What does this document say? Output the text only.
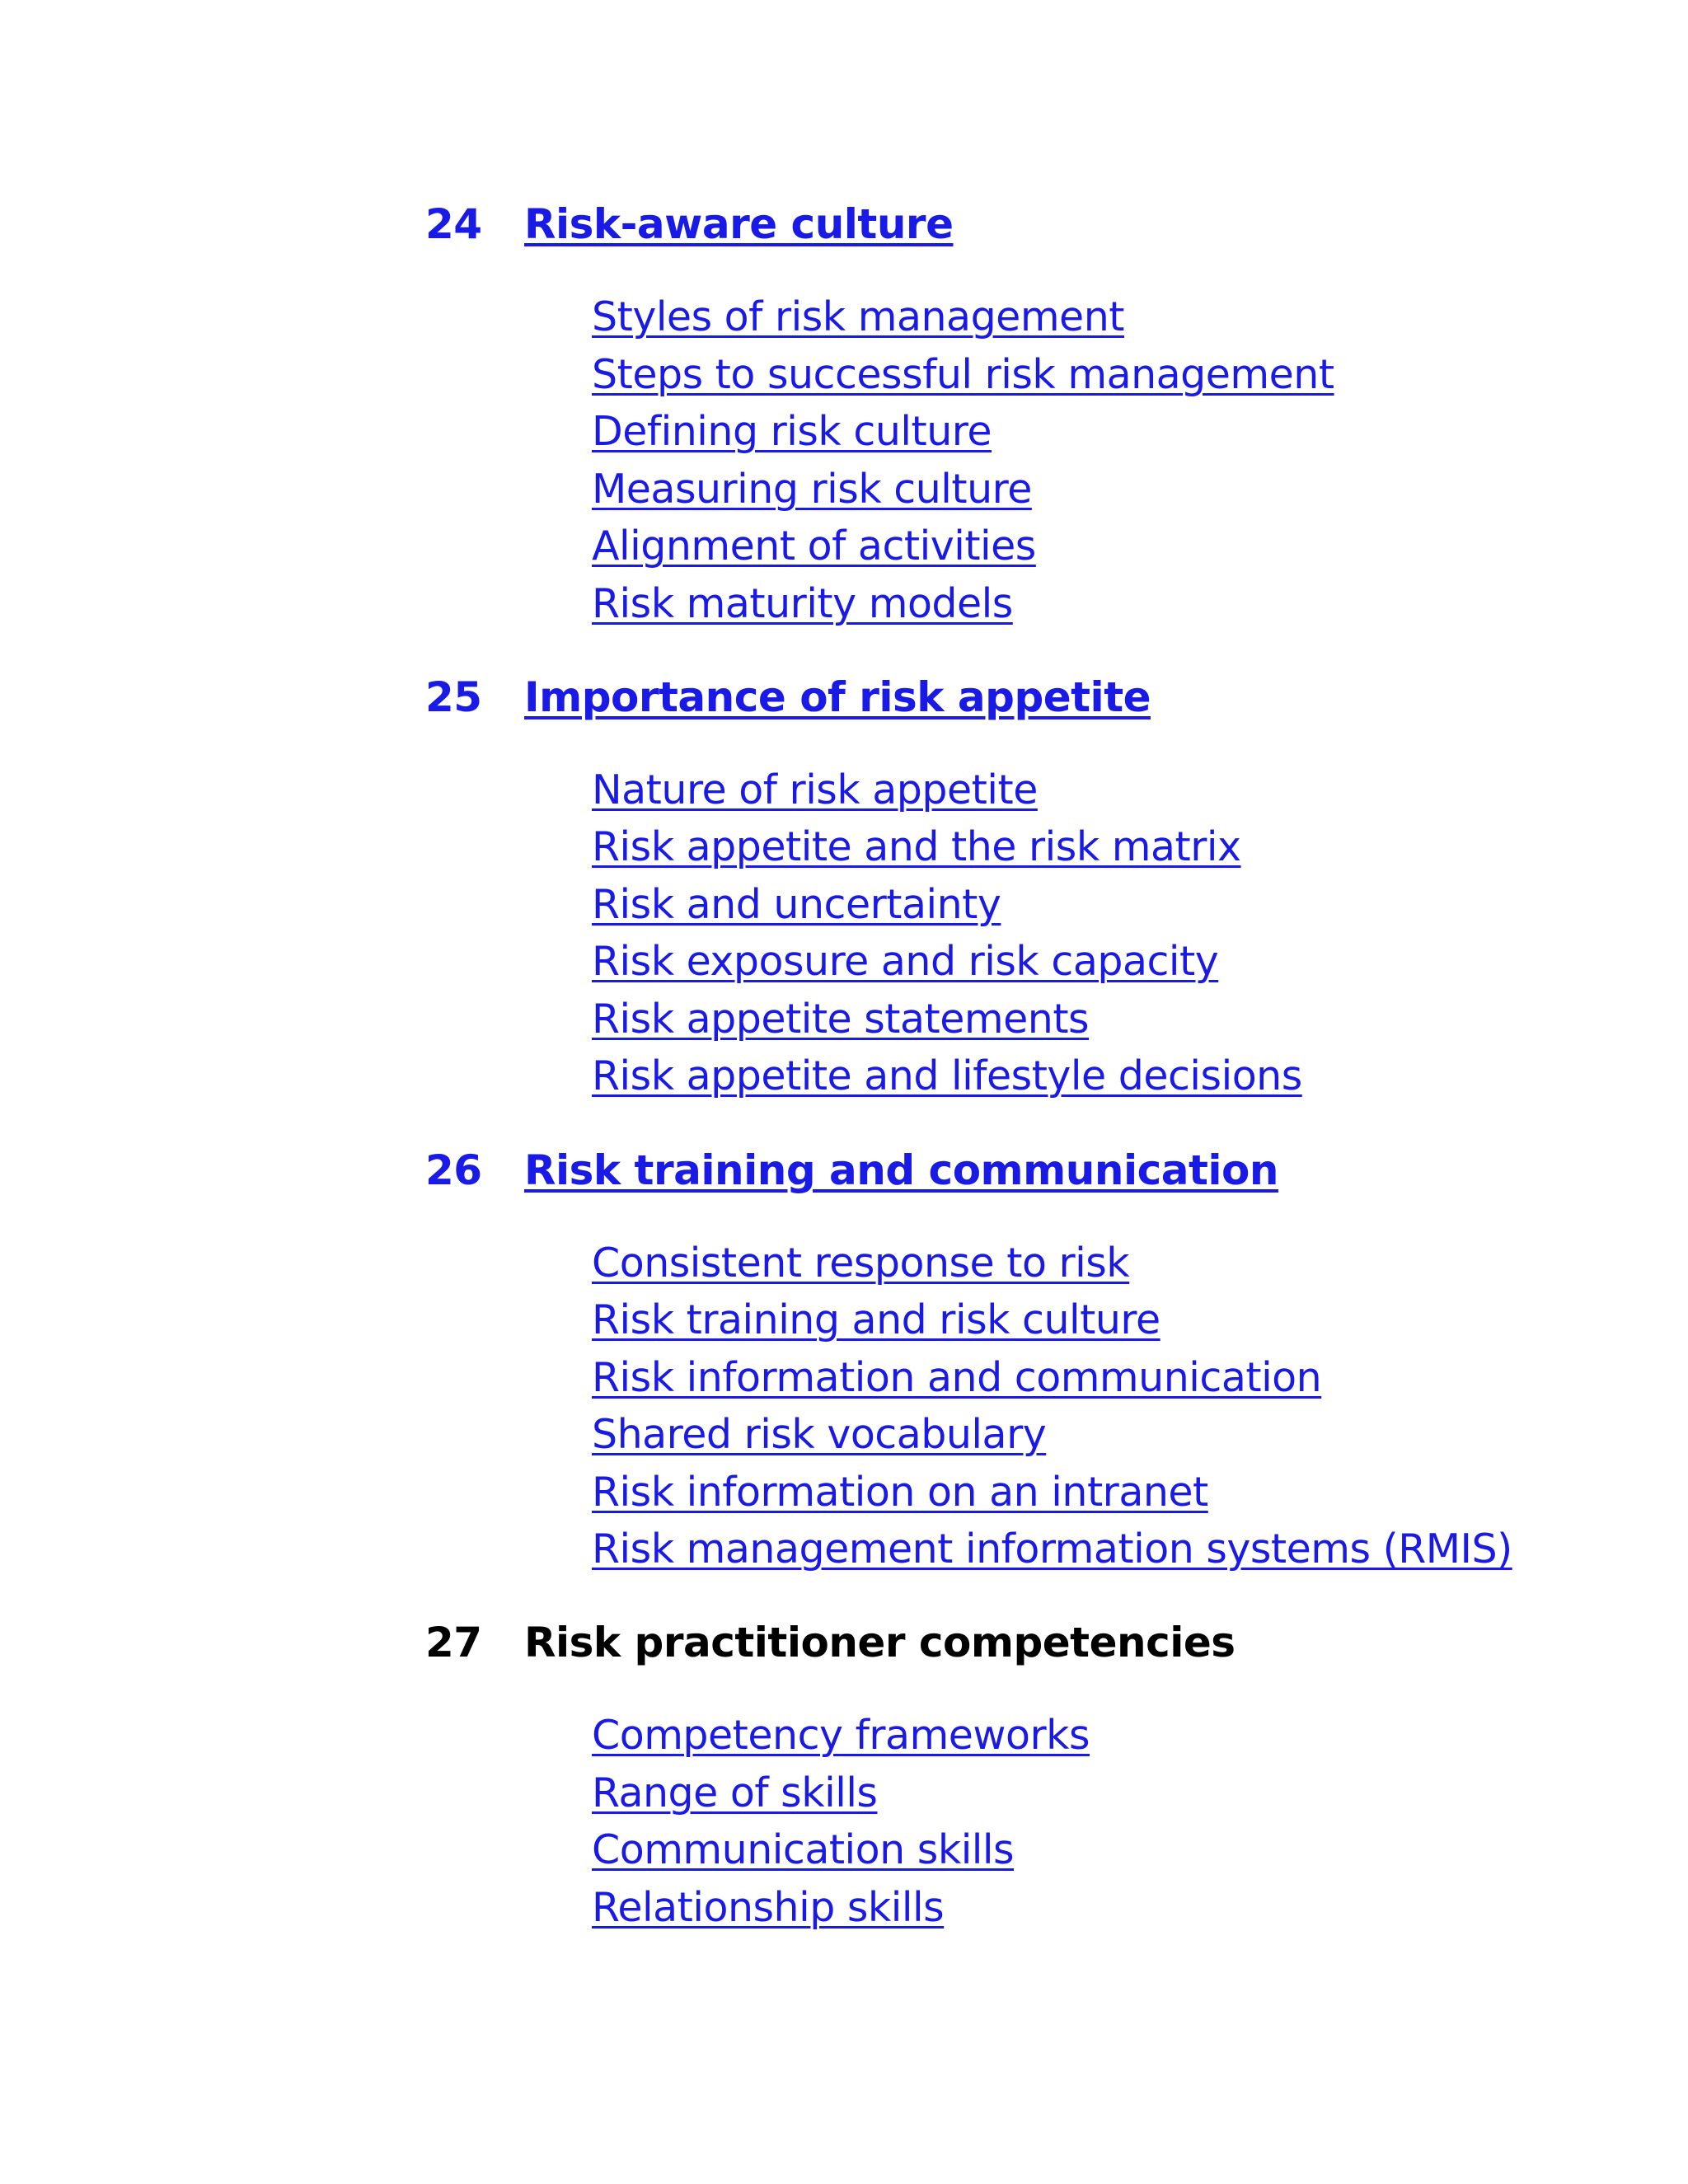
24 Risk-aware culture
Styles of risk management
Steps to successful risk management
Defining risk culture
Measuring risk culture
Alignment of activities
Risk maturity models
25 Importance of risk appetite
Nature of risk appetite
Risk appetite and the risk matrix
Risk and uncertainty
Risk exposure and risk capacity
Risk appetite statements
Risk appetite and lifestyle decisions
26 Risk training and communication
Consistent response to risk
Risk training and risk culture
Risk information and communication
Shared risk vocabulary
Risk information on an intranet
Risk management information systems (RMIS)
27 Risk practitioner competencies
Competency frameworks
Range of skills
Communication skills
Relationship skills
